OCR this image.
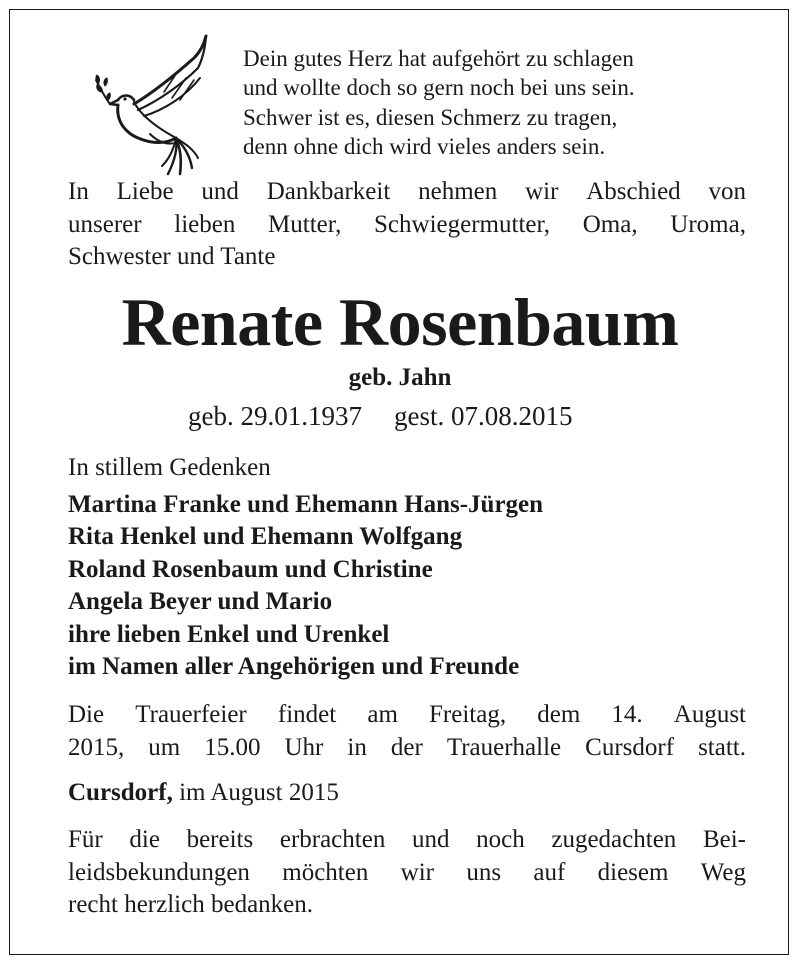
Dein gutes Herz hat aufgehört zu schlagen
und wollte doch so gern noch bei uns sein.
Schwer ist es, diesen Schmerz zu tragen,
denn ohne dich wird vieles anders sein.
In Liebe und Dankbarkeit nehmen wir Abschied von
unserer lieben Mutter, Schwiegermutter, Oma, Uroma,
Schwester und Tante
Renate Rosenbaum
geb. Jahn
geb. 29.01.1937 gest. 07.08.2015
In stillem Gedenken
Martina Franke und Ehemann Hans-Jürgen
Rita Henkel und Ehemann Wolfgang
Roland Rosenbaum und Christine
Angela Beyer und Mario
ihre lieben Enkel und Urenkel
im Namen aller Angehörigen und Freunde
Die Trauerfeier findet am Freitag, dem 14. August
2015, um 15.00 Uhr in der Trauerhalle Cursdorf statt.
Cursdorf, im August 2015
Für die bereits erbrachten und noch zugedachten Bei-
leidsbekundungen möchten wir uns auf diesem Weg
recht herzlich bedanken.
